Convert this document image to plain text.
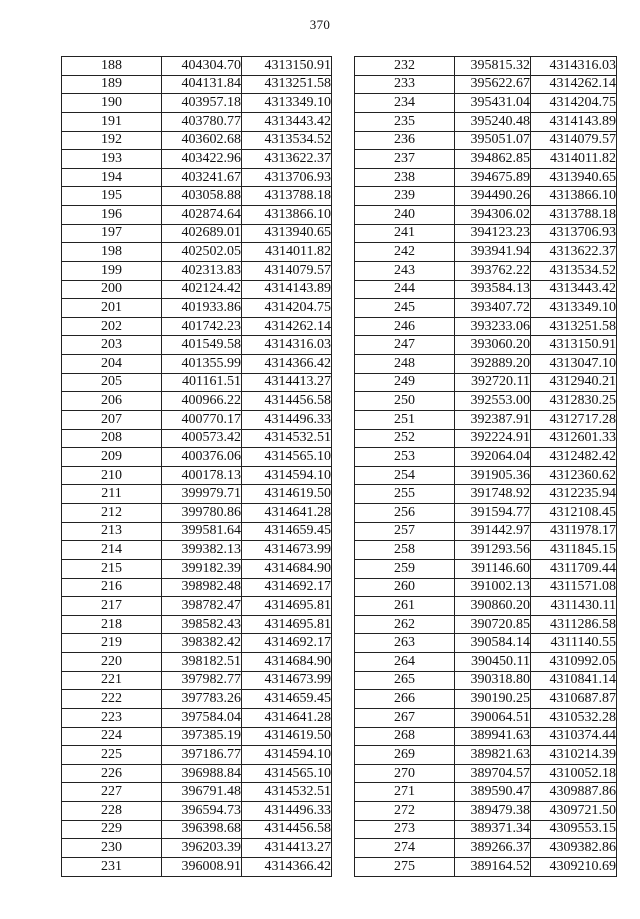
370
188	404304.70	4313150.91
189	404131.84	4313251.58
190	403957.18	4313349.10
191	403780.77	4313443.42
192	403602.68	4313534.52
193	403422.96	4313622.37
194	403241.67	4313706.93
195	403058.88	4313788.18
196	402874.64	4313866.10
197	402689.01	4313940.65
198	402502.05	4314011.82
199	402313.83	4314079.57
200	402124.42	4314143.89
201	401933.86	4314204.75
202	401742.23	4314262.14
203	401549.58	4314316.03
204	401355.99	4314366.42
205	401161.51	4314413.27
206	400966.22	4314456.58
207	400770.17	4314496.33
208	400573.42	4314532.51
209	400376.06	4314565.10
210	400178.13	4314594.10
211	399979.71	4314619.50
212	399780.86	4314641.28
213	399581.64	4314659.45
214	399382.13	4314673.99
215	399182.39	4314684.90
216	398982.48	4314692.17
217	398782.47	4314695.81
218	398582.43	4314695.81
219	398382.42	4314692.17
220	398182.51	4314684.90
221	397982.77	4314673.99
222	397783.26	4314659.45
223	397584.04	4314641.28
224	397385.19	4314619.50
225	397186.77	4314594.10
226	396988.84	4314565.10
227	396791.48	4314532.51
228	396594.73	4314496.33
229	396398.68	4314456.58
230	396203.39	4314413.27
231	396008.91	4314366.42
232	395815.32	4314316.03
233	395622.67	4314262.14
234	395431.04	4314204.75
235	395240.48	4314143.89
236	395051.07	4314079.57
237	394862.85	4314011.82
238	394675.89	4313940.65
239	394490.26	4313866.10
240	394306.02	4313788.18
241	394123.23	4313706.93
242	393941.94	4313622.37
243	393762.22	4313534.52
244	393584.13	4313443.42
245	393407.72	4313349.10
246	393233.06	4313251.58
247	393060.20	4313150.91
248	392889.20	4313047.10
249	392720.11	4312940.21
250	392553.00	4312830.25
251	392387.91	4312717.28
252	392224.91	4312601.33
253	392064.04	4312482.42
254	391905.36	4312360.62
255	391748.92	4312235.94
256	391594.77	4312108.45
257	391442.97	4311978.17
258	391293.56	4311845.15
259	391146.60	4311709.44
260	391002.13	4311571.08
261	390860.20	4311430.11
262	390720.85	4311286.58
263	390584.14	4311140.55
264	390450.11	4310992.05
265	390318.80	4310841.14
266	390190.25	4310687.87
267	390064.51	4310532.28
268	389941.63	4310374.44
269	389821.63	4310214.39
270	389704.57	4310052.18
271	389590.47	4309887.86
272	389479.38	4309721.50
273	389371.34	4309553.15
274	389266.37	4309382.86
275	389164.52	4309210.69
